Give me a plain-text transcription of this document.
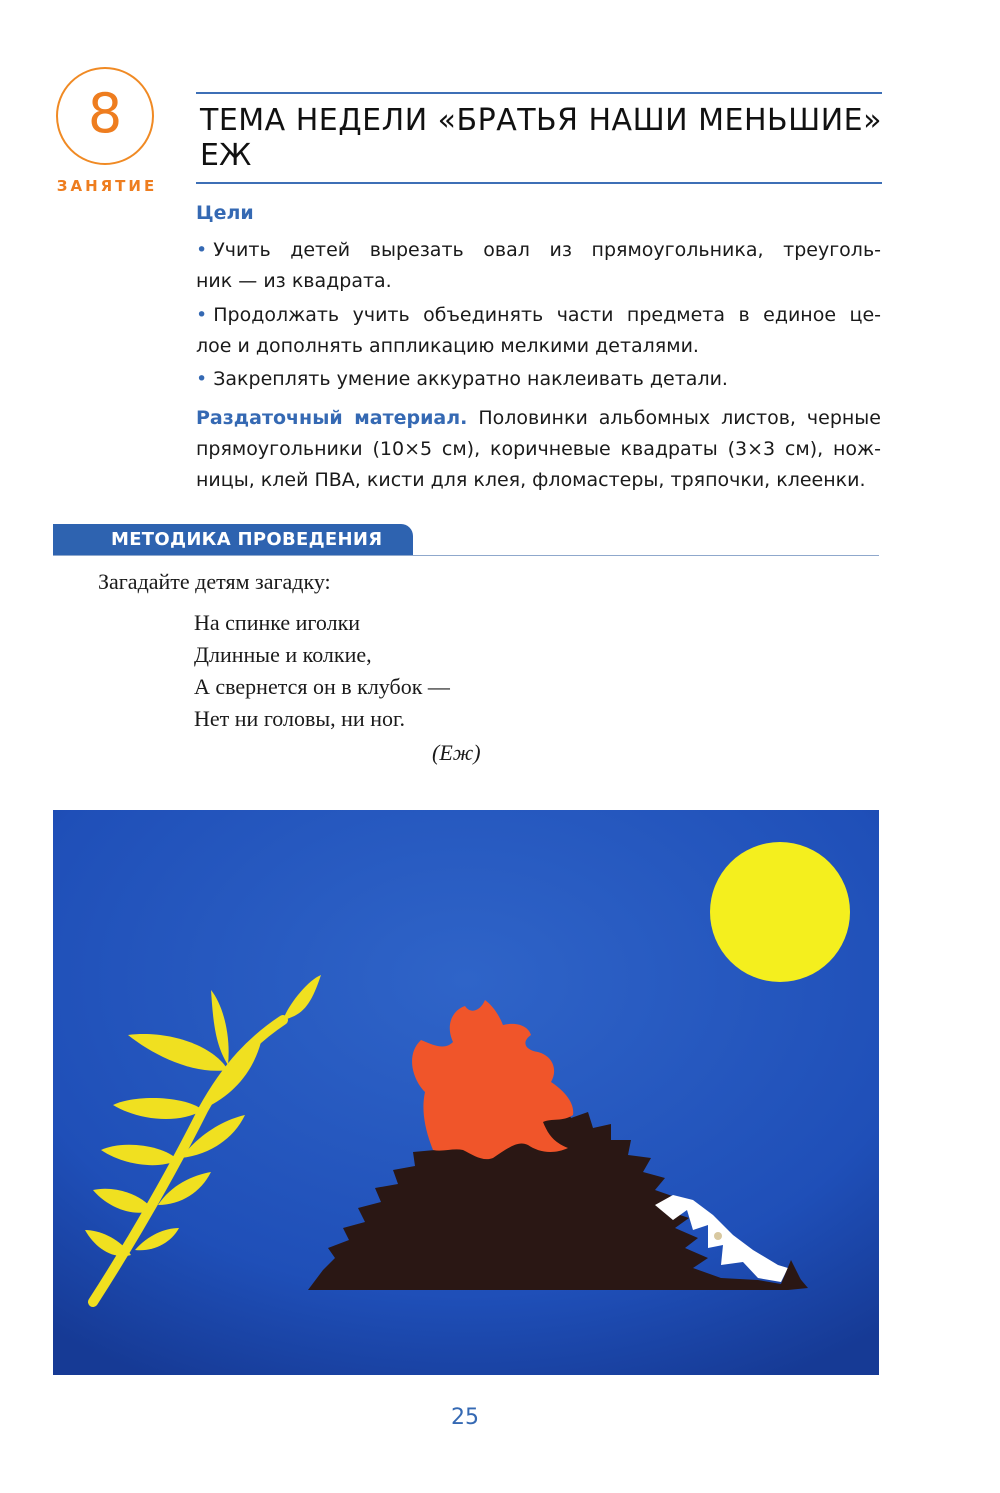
8
ЗАНЯТИЕ
ТЕМА НЕДЕЛИ «БРАТЬЯ НАШИ МЕНЬШИЕ»
ЕЖ
Цели
• Учить детей вырезать овал из прямоугольника, треуголь-
ник — из квадрата.
• Продолжать учить объединять части предмета в единое це-
лое и дополнять аппликацию мелкими деталями.
• Закреплять умение аккуратно наклеивать детали.
Раздаточный материал. Половинки альбомных листов, черные
прямоугольники (10×5 см), коричневые квадраты (3×3 см), нож-
ницы, клей ПВА, кисти для клея, фломастеры, тряпочки, клеенки.
МЕТОДИКА ПРОВЕДЕНИЯ
Загадайте детям загадку:
На спинке иголки
Длинные и колкие,
А свернется он в клубок —
Нет ни головы, ни ног.
(Еж)
25
